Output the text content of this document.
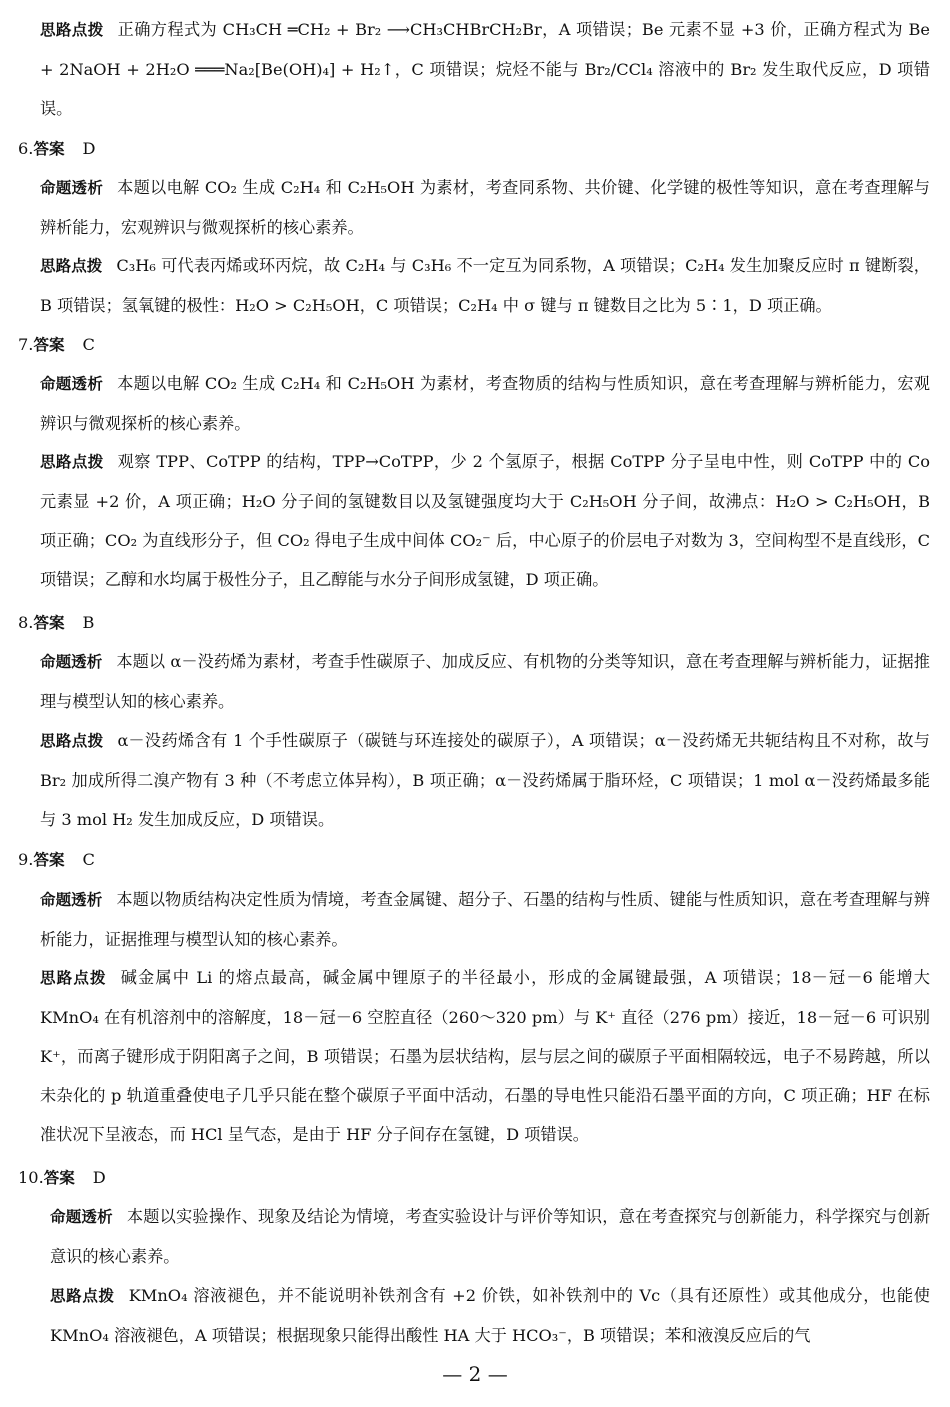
思路点拨 正确方程式为 CH₃CH ═CH₂ + Br₂ ⟶CH₃CHBrCH₂Br，A 项错误；Be 元素不显 +3 价，正确方程式为 Be + 2NaOH + 2H₂O ═══Na₂[Be(OH)₄] + H₂↑，C 项错误；烷烃不能与 Br₂/CCl₄ 溶液中的 Br₂ 发生取代反应，D 项错误。
6.答案 D
命题透析 本题以电解 CO₂ 生成 C₂H₄ 和 C₂H₅OH 为素材，考查同系物、共价键、化学键的极性等知识，意在考查理解与辨析能力，宏观辨识与微观探析的核心素养。
思路点拨 C₃H₆ 可代表丙烯或环丙烷，故 C₂H₄ 与 C₃H₆ 不一定互为同系物，A 项错误；C₂H₄ 发生加聚反应时 π 键断裂，B 项错误；氢氧键的极性：H₂O > C₂H₅OH，C 项错误；C₂H₄ 中 σ 键与 π 键数目之比为 5∶1，D 项正确。
7.答案 C
命题透析 本题以电解 CO₂ 生成 C₂H₄ 和 C₂H₅OH 为素材，考查物质的结构与性质知识，意在考查理解与辨析能力，宏观辨识与微观探析的核心素养。
思路点拨 观察 TPP、CoTPP 的结构，TPP→CoTPP，少 2 个氢原子，根据 CoTPP 分子呈电中性，则 CoTPP 中的 Co 元素显 +2 价，A 项正确；H₂O 分子间的氢键数目以及氢键强度均大于 C₂H₅OH 分子间，故沸点：H₂O > C₂H₅OH，B 项正确；CO₂ 为直线形分子，但 CO₂ 得电子生成中间体 CO₂⁻ 后，中心原子的价层电子对数为 3，空间构型不是直线形，C 项错误；乙醇和水均属于极性分子，且乙醇能与水分子间形成氢键，D 项正确。
8.答案 B
命题透析 本题以 α－没药烯为素材，考查手性碳原子、加成反应、有机物的分类等知识，意在考查理解与辨析能力，证据推理与模型认知的核心素养。
思路点拨 α－没药烯含有 1 个手性碳原子（碳链与环连接处的碳原子），A 项错误；α－没药烯无共轭结构且不对称，故与 Br₂ 加成所得二溴产物有 3 种（不考虑立体异构），B 项正确；α－没药烯属于脂环烃，C 项错误；1 mol α－没药烯最多能与 3 mol H₂ 发生加成反应，D 项错误。
9.答案 C
命题透析 本题以物质结构决定性质为情境，考查金属键、超分子、石墨的结构与性质、键能与性质知识，意在考查理解与辨析能力，证据推理与模型认知的核心素养。
思路点拨 碱金属中 Li 的熔点最高，碱金属中锂原子的半径最小，形成的金属键最强，A 项错误；18－冠－6 能增大 KMnO₄ 在有机溶剂中的溶解度，18－冠－6 空腔直径（260～320 pm）与 K⁺ 直径（276 pm）接近，18－冠－6 可识别 K⁺，而离子键形成于阴阳离子之间，B 项错误；石墨为层状结构，层与层之间的碳原子平面相隔较远，电子不易跨越，所以未杂化的 p 轨道重叠使电子几乎只能在整个碳原子平面中活动，石墨的导电性只能沿石墨平面的方向，C 项正确；HF 在标准状况下呈液态，而 HCl 呈气态，是由于 HF 分子间存在氢键，D 项错误。
10.答案 D
命题透析 本题以实验操作、现象及结论为情境，考查实验设计与评价等知识，意在考查探究与创新能力，科学探究与创新意识的核心素养。
思路点拨 KMnO₄ 溶液褪色，并不能说明补铁剂含有 +2 价铁，如补铁剂中的 Vc（具有还原性）或其他成分，也能使 KMnO₄ 溶液褪色，A 项错误；根据现象只能得出酸性 HA 大于 HCO₃⁻，B 项错误；苯和液溴反应后的气
— 2 —
